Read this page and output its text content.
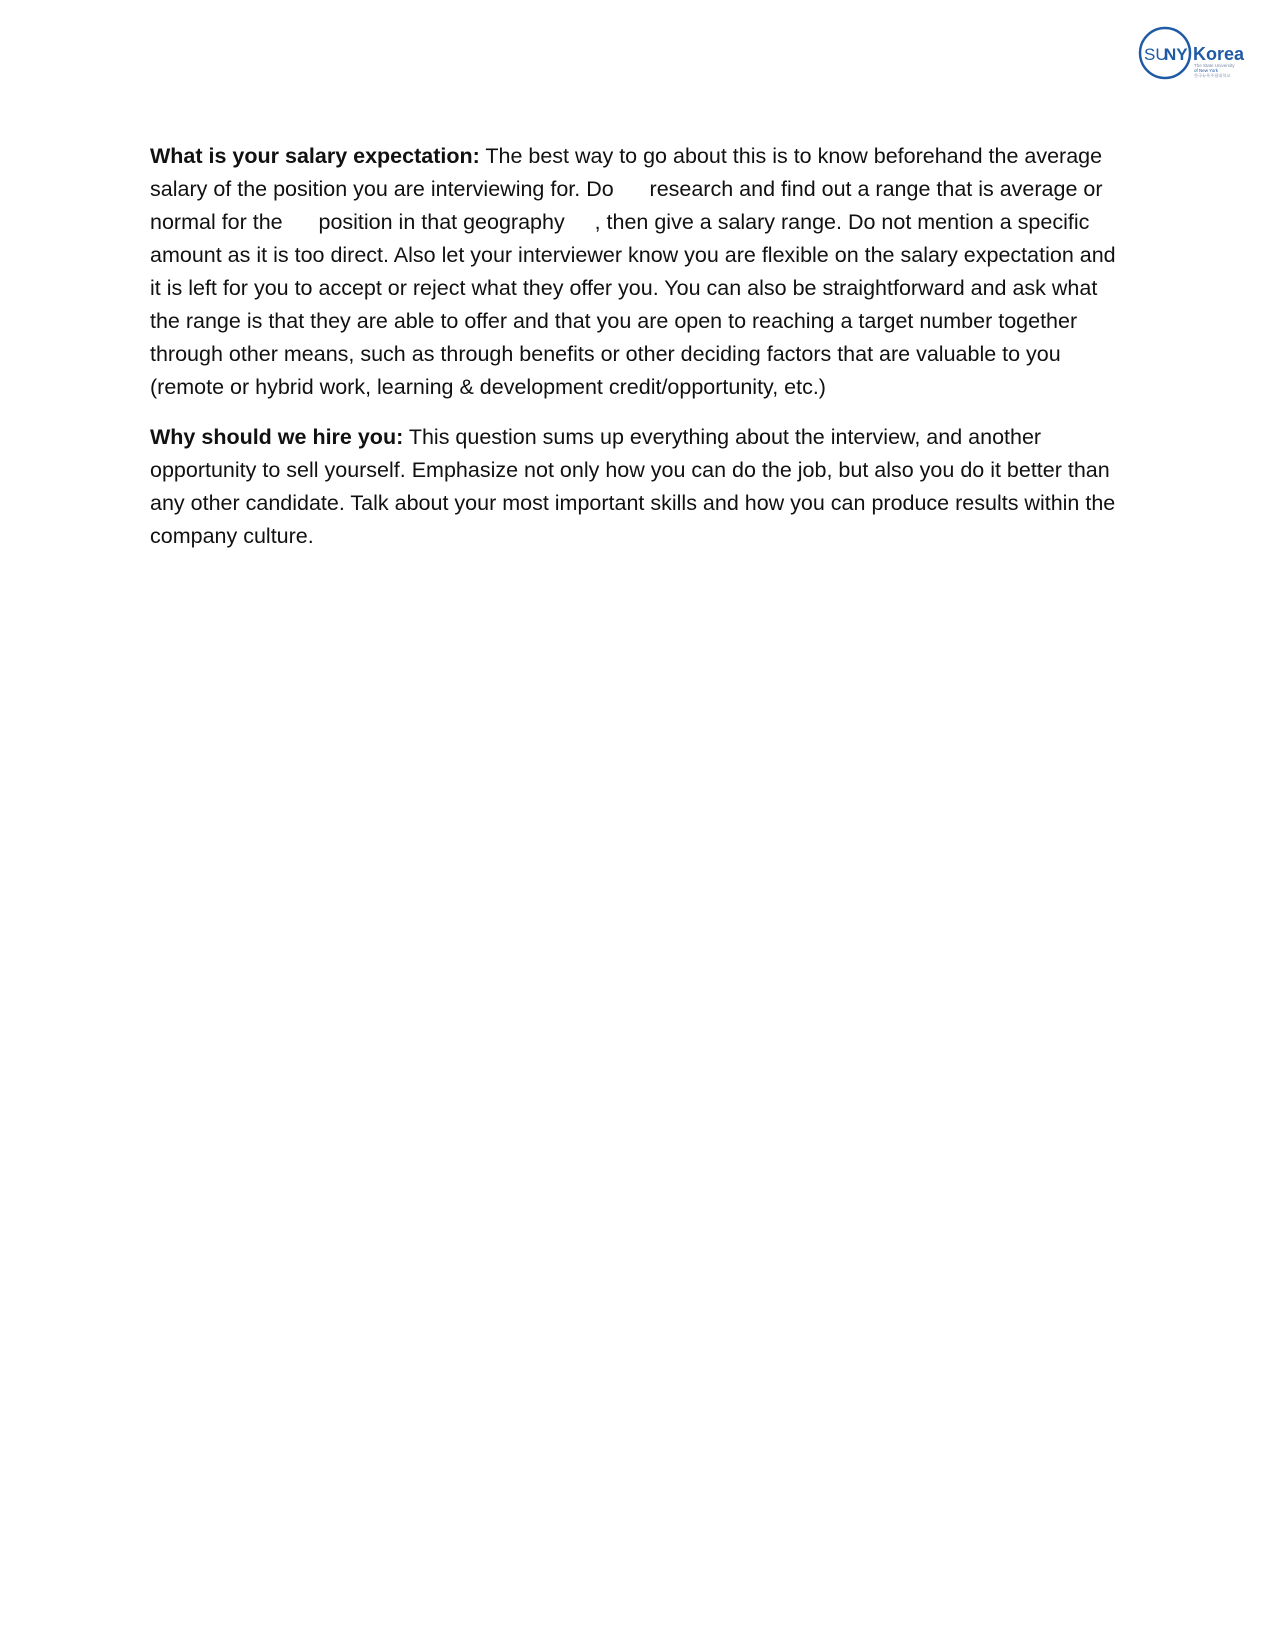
SU
NY Korea
The State University
of New York
한국뉴욕주립대학교

What is your salary expectation: The best way to go about this is to know beforehand the average salary of the position you are interviewing for. Do      research and find out a range that is average or normal for the      position in that geography     , then give a salary range. Do not mention a specific amount as it is too direct. Also let your interviewer know you are flexible on the salary expectation and it is left for you to accept or reject what they offer you. You can also be straightforward and ask what the range is that they are able to offer and that you are open to reaching a target number together through other means, such as through benefits or other deciding factors that are valuable to you (remote or hybrid work, learning & development credit/opportunity, etc.)

Why should we hire you: This question sums up everything about the interview, and another opportunity to sell yourself. Emphasize not only how you can do the job, but also you do it better than any other candidate. Talk about your most important skills and how you can produce results within the company culture.
